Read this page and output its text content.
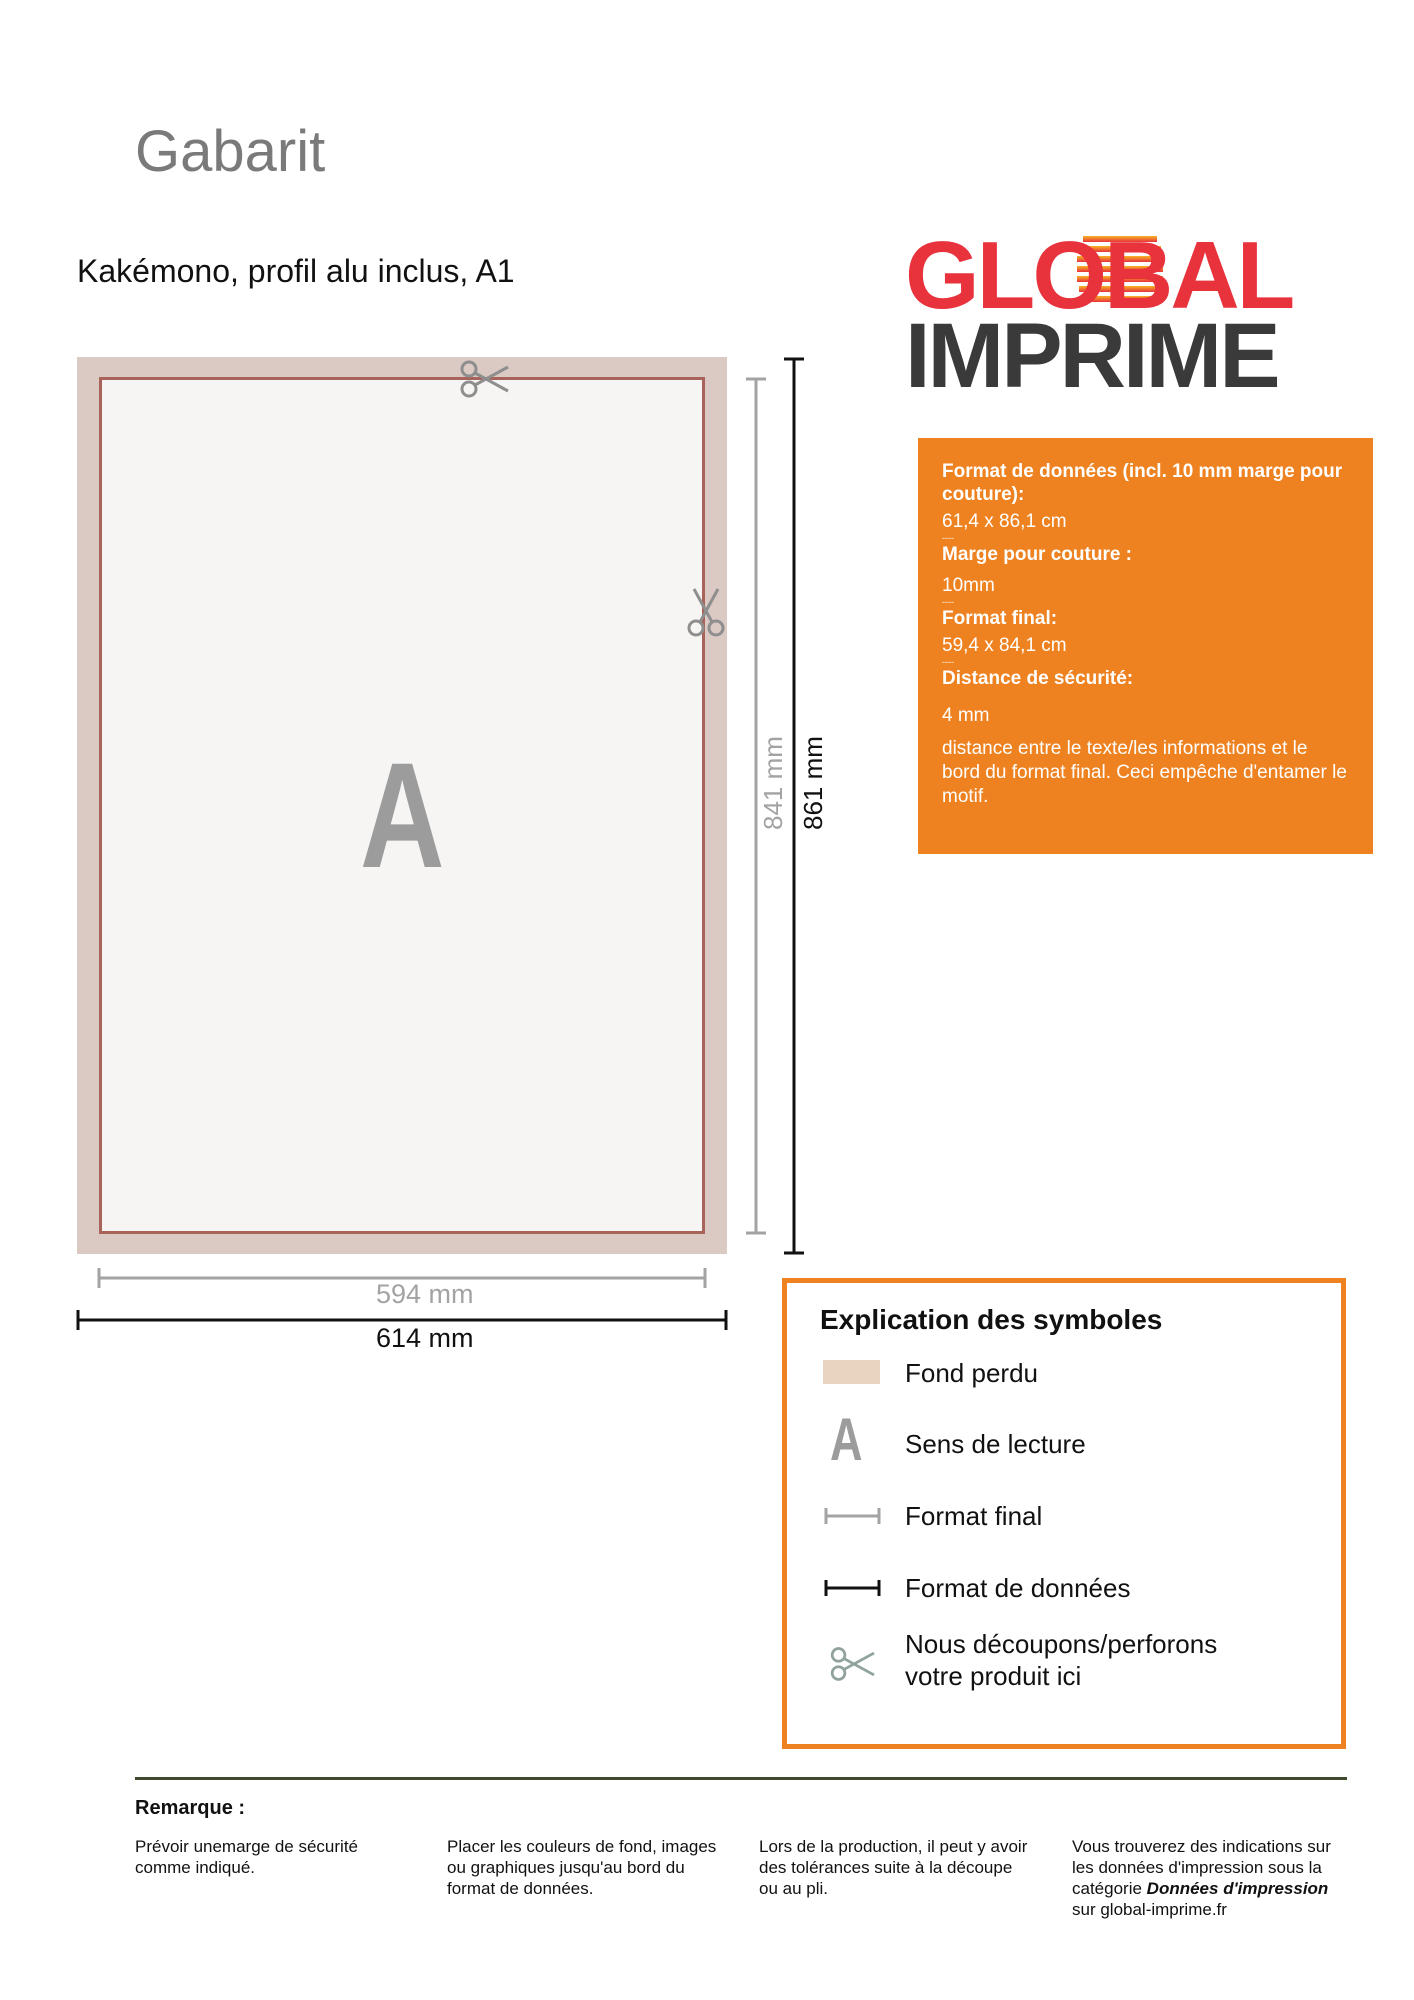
Gabarit
Kakémono, profil alu inclus, A1	GLOBAL
IMPRIME
Format de données (incl. 10 mm marge pour couture):
61,4 x 86,1 cm
----
Marge pour couture :
10mm
----
Format final:
59,4 x 84,1 cm
----
Distance de sécurité:
4 mm
distance entre le texte/les informations et le bord du format final. Ceci empêche d'entamer le motif.
A	841 mm 861 mm
594 mm
614 mm
Explication des symboles
Fond perdu
A Sens de lecture
Format final
Format de données
Nous découpons/perforons
votre produit ici
Remarque :
Prévoir unemarge de sécurité comme indiqué.
Placer les couleurs de fond, images ou graphiques jusqu'au bord du format de données.
Lors de la production, il peut y avoir des tolérances suite à la découpe ou au pli.
Vous trouverez des indications sur les données d'impression sous la catégorie Données d'impression sur global-imprime.fr
